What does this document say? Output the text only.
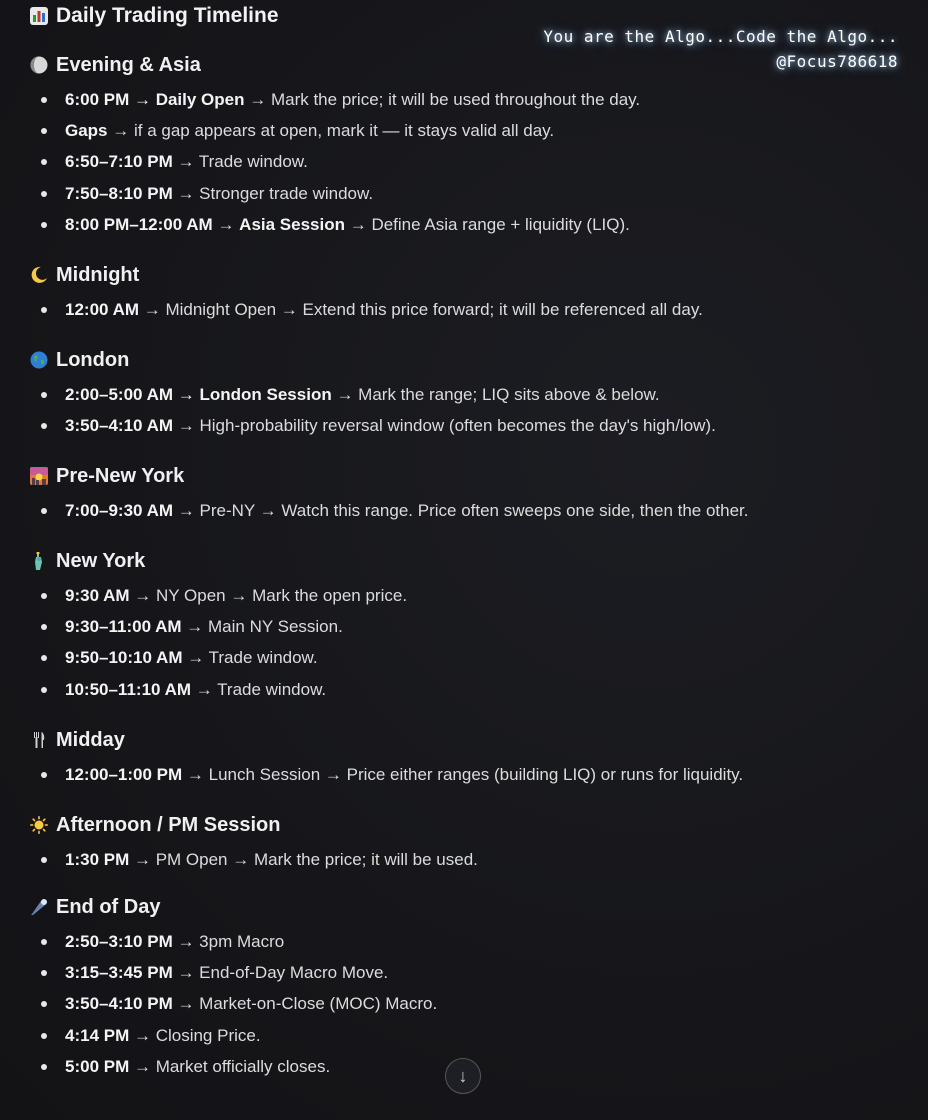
Daily Trading Timeline
You are the Algo...Code the Algo...
@Focus786618
Evening & Asia
6:00 PM → Daily Open → Mark the price; it will be used throughout the day.
Gaps → if a gap appears at open, mark it — it stays valid all day.
6:50–7:10 PM → Trade window.
7:50–8:10 PM → Stronger trade window.
8:00 PM–12:00 AM → Asia Session → Define Asia range + liquidity (LIQ).
Midnight
12:00 AM → Midnight Open → Extend this price forward; it will be referenced all day.
London
2:00–5:00 AM → London Session → Mark the range; LIQ sits above & below.
3:50–4:10 AM → High-probability reversal window (often becomes the day's high/low).
Pre-New York
7:00–9:30 AM → Pre-NY → Watch this range. Price often sweeps one side, then the other.
New York
9:30 AM → NY Open → Mark the open price.
9:30–11:00 AM → Main NY Session.
9:50–10:10 AM → Trade window.
10:50–11:10 AM → Trade window.
Midday
12:00–1:00 PM → Lunch Session → Price either ranges (building LIQ) or runs for liquidity.
Afternoon / PM Session
1:30 PM → PM Open → Mark the price; it will be used.
End of Day
2:50–3:10 PM → 3pm Macro
3:15–3:45 PM → End-of-Day Macro Move.
3:50–4:10 PM → Market-on-Close (MOC) Macro.
4:14 PM → Closing Price.
5:00 PM → Market officially closes.	↓
